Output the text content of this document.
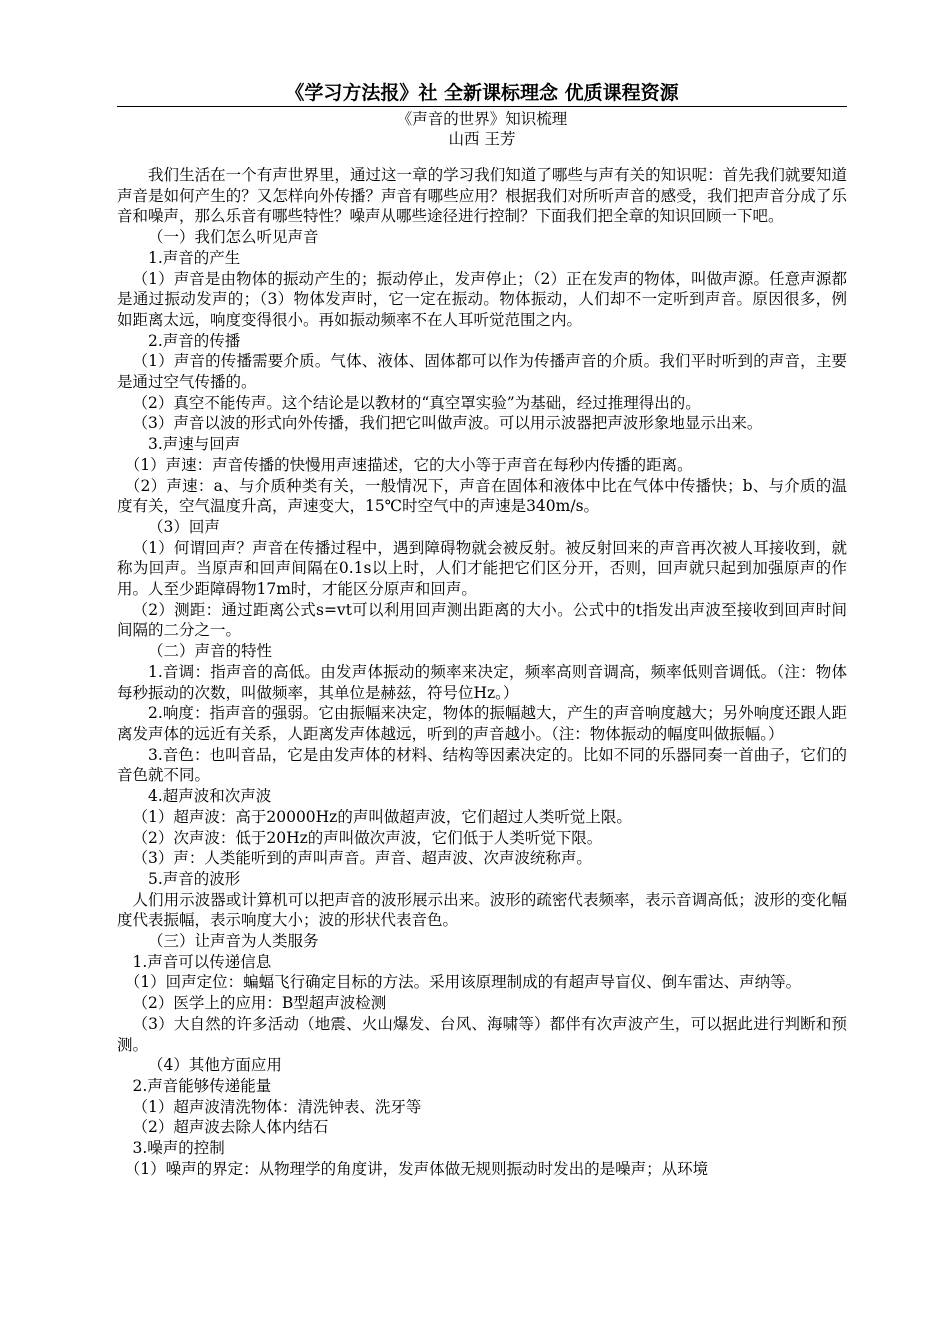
《学习方法报》社 全新课标理念 优质课程资源
《声音的世界》知识梳理
山西 王芳

我们生活在一个有声世界里，通过这一章的学习我们知道了哪些与声有关的知识呢：首先我们就要知道声音是如何产生的？又怎样向外传播？声音有哪些应用？根据我们对所听声音的感受，我们把声音分成了乐音和噪声，那么乐音有哪些特性？噪声从哪些途径进行控制？下面我们把全章的知识回顾一下吧。

（一）我们怎么听见声音

1.声音的产生

（1）声音是由物体的振动产生的；振动停止，发声停止；（2）正在发声的物体，叫做声源。任意声源都是通过振动发声的；（3）物体发声时，它一定在振动。物体振动，人们却不一定听到声音。原因很多，例如距离太远，响度变得很小。再如振动频率不在人耳听觉范围之内。

2.声音的传播

（1）声音的传播需要介质。气体、液体、固体都可以作为传播声音的介质。我们平时听到的声音，主要是通过空气传播的。

（2）真空不能传声。这个结论是以教材的“真空罩实验”为基础，经过推理得出的。

（3）声音以波的形式向外传播，我们把它叫做声波。可以用示波器把声波形象地显示出来。

3.声速与回声

（1）声速：声音传播的快慢用声速描述，它的大小等于声音在每秒内传播的距离。

（2）声速：a、与介质种类有关，一般情况下，声音在固体和液体中比在气体中传播快；b、与介质的温度有关，空气温度升高，声速变大，15℃时空气中的声速是340m/s。

（3）回声

（1）何谓回声？声音在传播过程中，遇到障碍物就会被反射。被反射回来的声音再次被人耳接收到，就称为回声。当原声和回声间隔在0.1s以上时，人们才能把它们区分开，否则，回声就只起到加强原声的作用。人至少距障碍物17m时，才能区分原声和回声。

（2）测距：通过距离公式s=vt可以利用回声测出距离的大小。公式中的t指发出声波至接收到回声时间间隔的二分之一。

（二）声音的特性

1.音调：指声音的高低。由发声体振动的频率来决定，频率高则音调高，频率低则音调低。（注：物体每秒振动的次数，叫做频率，其单位是赫兹，符号位Hz。）

2.响度：指声音的强弱。它由振幅来决定，物体的振幅越大，产生的声音响度越大；另外响度还跟人距离发声体的远近有关系，人距离发声体越远，听到的声音越小。（注：物体振动的幅度叫做振幅。）

3.音色：也叫音品，它是由发声体的材料、结构等因素决定的。比如不同的乐器同奏一首曲子，它们的音色就不同。

4.超声波和次声波

（1）超声波：高于20000Hz的声叫做超声波，它们超过人类听觉上限。

（2）次声波：低于20Hz的声叫做次声波，它们低于人类听觉下限。

（3）声：人类能听到的声叫声音。声音、超声波、次声波统称声。

5.声音的波形

人们用示波器或计算机可以把声音的波形展示出来。波形的疏密代表频率，表示音调高低；波形的变化幅度代表振幅，表示响度大小；波的形状代表音色。

（三）让声音为人类服务

1.声音可以传递信息

（1）回声定位：蝙蝠飞行确定目标的方法。采用该原理制成的有超声导盲仪、倒车雷达、声纳等。

（2）医学上的应用：B型超声波检测

（3）大自然的许多活动（地震、火山爆发、台风、海啸等）都伴有次声波产生，可以据此进行判断和预测。

（4）其他方面应用

2.声音能够传递能量

（1）超声波清洗物体：清洗钟表、洗牙等

（2）超声波去除人体内结石

3.噪声的控制

（1）噪声的界定：从物理学的角度讲，发声体做无规则振动时发出的是噪声；从环境
